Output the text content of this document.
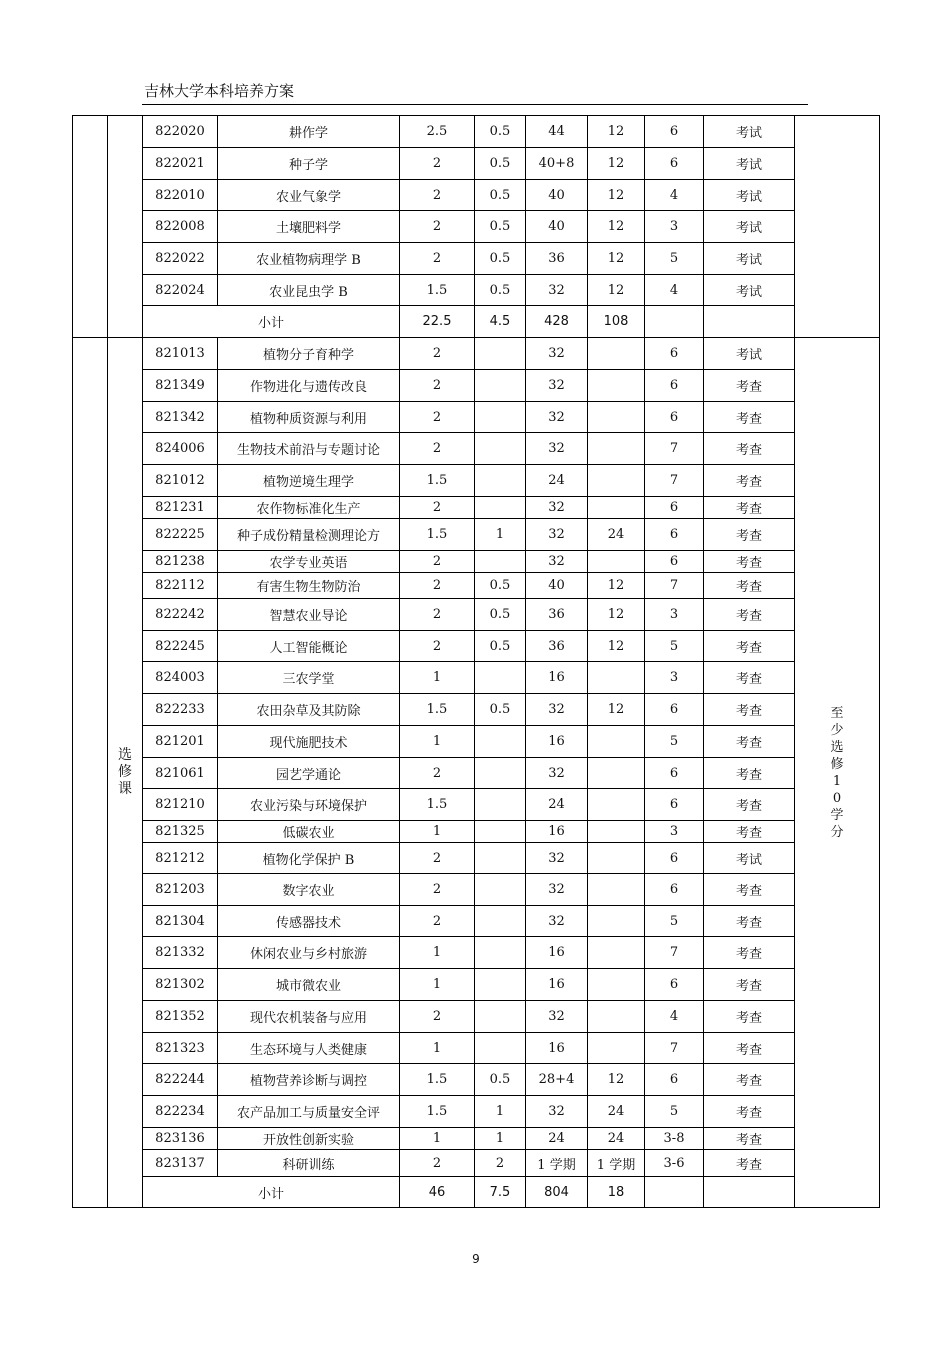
吉林大学本科培养方案
		822020	耕作学	2.5	0.5	44	12	6	考试	
		822021	种子学	2	0.5	40+8	12	6	考试	
		822010	农业气象学	2	0.5	40	12	4	考试	
		822008	土壤肥料学	2	0.5	40	12	3	考试	
		822022	农业植物病理学 B	2	0.5	36	12	5	考试	
		822024	农业昆虫学 B	1.5	0.5	32	12	4	考试	
		小计		22.5	4.5	428	108			
	选修课	821013	植物分子育种学	2		32		6	考试	至少选修10学分
		821349	作物进化与遗传改良	2		32		6	考查	
		821342	植物种质资源与利用	2		32		6	考查	
		824006	生物技术前沿与专题讨论	2		32		7	考查	
		821012	植物逆境生理学	1.5		24		7	考查	
		821231	农作物标准化生产	2		32		6	考查	
		822225	种子成份精量检测理论方	1.5	1	32	24	6	考查	
		821238	农学专业英语	2		32		6	考查	
		822112	有害生物生物防治	2	0.5	40	12	7	考查	
		822242	智慧农业导论	2	0.5	36	12	3	考查	
		822245	人工智能概论	2	0.5	36	12	5	考查	
		824003	三农学堂	1		16		3	考查	
		822233	农田杂草及其防除	1.5	0.5	32	12	6	考查	
		821201	现代施肥技术	1		16		5	考查	
		821061	园艺学通论	2		32		6	考查	
		821210	农业污染与环境保护	1.5		24		6	考查	
		821325	低碳农业	1		16		3	考查	
		821212	植物化学保护 B	2		32		6	考试	
		821203	数字农业	2		32		6	考查	
		821304	传感器技术	2		32		5	考查	
		821332	休闲农业与乡村旅游	1		16		7	考查	
		821302	城市微农业	1		16		6	考查	
		821352	现代农机装备与应用	2		32		4	考查	
		821323	生态环境与人类健康	1		16		7	考查	
		822244	植物营养诊断与调控	1.5	0.5	28+4	12	6	考查	
		822234	农产品加工与质量安全评	1.5	1	32	24	5	考查	
		823136	开放性创新实验	1	1	24	24	3-8	考查	
		823137	科研训练	2	2	1 学期	1 学期	3-6	考查	
		小计		46	7.5	804	18			
9
